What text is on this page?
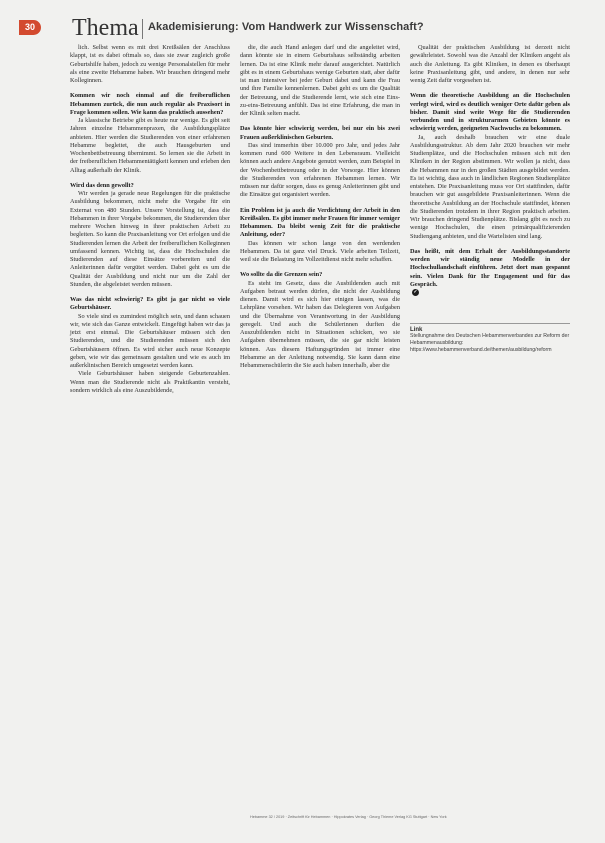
30 Thema Akademisierung: Vom Handwerk zur Wissenschaft?

lich. Selbst wenn es mit drei Kreißsälen der Anschluss klappt, ist es dabei oftmals so, dass sie zwar zugleich große Geburtshilfe haben, jedoch zu wenige Personalstellen für mehr als eine zweite Hebamme haben. Wir brauchen dringend mehr Kolleginnen.

Kommen wir noch einmal auf die freiberuflichen Hebammen zurück, die nun auch regulär als Praxisort in Frage kommen sollen. Wie kann das praktisch aussehen?

Ja klassische Betriebe gibt es heute nur wenige. Es gibt seit Jahren einzelne Hebammenpraxen, die Ausbildungsplätze anbieten. Hier werden die Studierenden von einer erfahrenen Hebamme begleitet, die auch Hausgeburten und Wochenbettbetreuung übernimmt. So lernen sie die Arbeit in der freiberuflichen Hebammentätigkeit kennen und erleben den Alltag außerhalb der Klinik.

Wird das denn gewollt?

Wir werden ja gerade neue Regelungen für die praktische Ausbildung bekommen, nicht mehr die Vorgabe für ein Externat von 480 Stunden. Unsere Vorstellung ist, dass die Hebammen in ihrer Vorgabe bekommen, die Studierenden über mehrere Wochen hinweg in ihrer praktischen Arbeit zu begleiten. So kann die Praxisanleitung vor Ort erfolgen und die Studierenden lernen die Arbeit der freiberuflichen Kolleginnen umfassend kennen. Wichtig ist, dass die Hochschulen die Studierenden auf diese Einsätze vorbereiten und die Anleiterinnen dafür vergütet werden. Dabei geht es um die Qualität der Ausbildung und nicht nur um die Zahl der Stunden, die abgeleistet werden müssen.

Was das nicht schwierig? Es gibt ja gar nicht so viele Geburtshäuser.

So viele sind es zumindest möglich sein, und dann schauen wir, wie sich das Ganze entwickelt. Eingefügt haben wir das ja jetzt erst einmal. Die Geburtshäuser müssen sich den Studierenden, und die Studierenden müssen sich den Geburtshäusern öffnen. Es wird sicher auch neue Konzepte geben, wie wir das gemeinsam gestalten und wie es auch im außerklinischen Bereich umgesetzt werden kann.

Viele Geburtshäuser haben steigende Geburtenzahlen. Wenn man die Studierende nicht als Praktikantin versteht, sondern wirklich als eine Auszubildende,

die, die auch Hand anlegen darf und die angeleitet wird, dann könnte sie in einem Geburtshaus selbständig arbeiten lernen. Da ist eine Klinik mehr darauf ausgerichtet. Natürlich gibt es in einem Geburtshaus wenige Geburten statt, aber dafür ist man intensiver bei jeder Geburt dabei und kann die Frau und ihre Familie kennenlernen. Dabei geht es um die Qualität der Betreuung, und die Studierende lernt, wie sich eine Eins-zu-eins-Betreuung anfühlt. Das ist eine Erfahrung, die man in der Klinik selten macht.

Das könnte hier schwierig werden, bei nur ein bis zwei Frauen außerklinischen Geburten.

Das sind immerhin über 10.000 pro Jahr, und jedes Jahr kommen rund 600 Weitere in den Lebensraum. Vielleicht können auch andere Angebote genutzt werden, zum Beispiel in der Wochenbettbetreuung oder in der Vorsorge. Hier können die Studierenden von erfahrenen Hebammen lernen. Wir müssen nur dafür sorgen, dass es genug Anleiterinnen gibt und die Einsätze gut organisiert werden.

Ein Problem ist ja auch die Verdichtung der Arbeit in den Kreißsälen. Es gibt immer mehr Frauen für immer weniger Hebammen. Da bleibt wenig Zeit für die praktische Anleitung, oder?

Das können wir schon lange von den werdenden Hebammen. Da ist ganz viel Druck. Viele arbeiten Teilzeit, weil sie die Belastung im Vollzeitdienst nicht mehr schaffen.

Wo sollte da die Grenzen sein?

Es steht im Gesetz, dass die Ausbildenden auch mit Aufgaben betraut werden dürfen, die nicht der Ausbildung dienen. Damit wird es sich hier einigen lassen, was die Lehrpläne vorsehen. Wir haben das Delegieren von Aufgaben und die Übernahme von Verantwortung in der Ausbildung geregelt. Und auch die Schülerinnen durften die Auszubildenden nicht in Situationen schicken, wo sie Aufgaben übernehmen müssen, die sie gar nicht leisten können. Aus diesem Haftungsgründen ist immer eine Hebamme an der Anleitung notwendig. Sie kann dann eine Hebammenschülerin die Sie auch haben innerhalb, aber die

Qualität der praktischen Ausbildung ist derzeit nicht gewährleistet. Sowohl was die Anzahl der Kliniken angeht als auch die Anleitung. Es gibt Kliniken, in denen es überhaupt keine Praxisanleitung gibt, und andere, in denen nur sehr wenig Zeit dafür vorgesehen ist.

Wenn die theoretische Ausbildung an die Hochschulen verlegt wird, wird es deutlich weniger Orte dafür geben als bisher. Damit sind weite Wege für die Studierenden verbunden und in strukturarmen Gebieten könnte es schwierig werden, geeigneten Nachwuchs zu bekommen.

Ja, auch deshalb brauchen wir eine duale Ausbildungsstruktur. Ab dem Jahr 2020 brauchen wir mehr Studienplätze, und die Hochschulen müssen sich mit den Kliniken in der Region abstimmen. Wir wollen ja nicht, dass die Hebammen nur in den großen Städten ausgebildet werden. Es ist wichtig, dass auch in ländlichen Regionen Studienplätze entstehen. Die Praxisanleitung muss vor Ort stattfinden, dafür brauchen wir gut ausgebildete Praxisanleiterinnen. Wenn die theoretische Ausbildung an der Hochschule stattfindet, können die Studierenden trotzdem in ihrer Region praktisch arbeiten. Wir brauchen dringend Studienplätze. Bislang gibt es noch zu wenige Hochschulen, die einen primärqualifizierenden Studiengang anbieten, und die Wartelisten sind lang.

Das heißt, mit dem Erhalt der Ausbildungsstandorte werden wir ständig neue Modelle in der Hochschullandschaft einführen. Jetzt dort man gespannt sein. Vielen Dank für Ihr Engagement und für das Gespräch.

✓
Link

Stellungnahme des Deutschen Hebammenverbandes zur Reform der Hebammenausbildung: https://www.hebammenverband.de/themen/ausbildung/reform

Hebamme 32 / 2019 · Zeitschrift für Hebammen · Hippokrates Verlag · Georg Thieme Verlag KG Stuttgart · New York
